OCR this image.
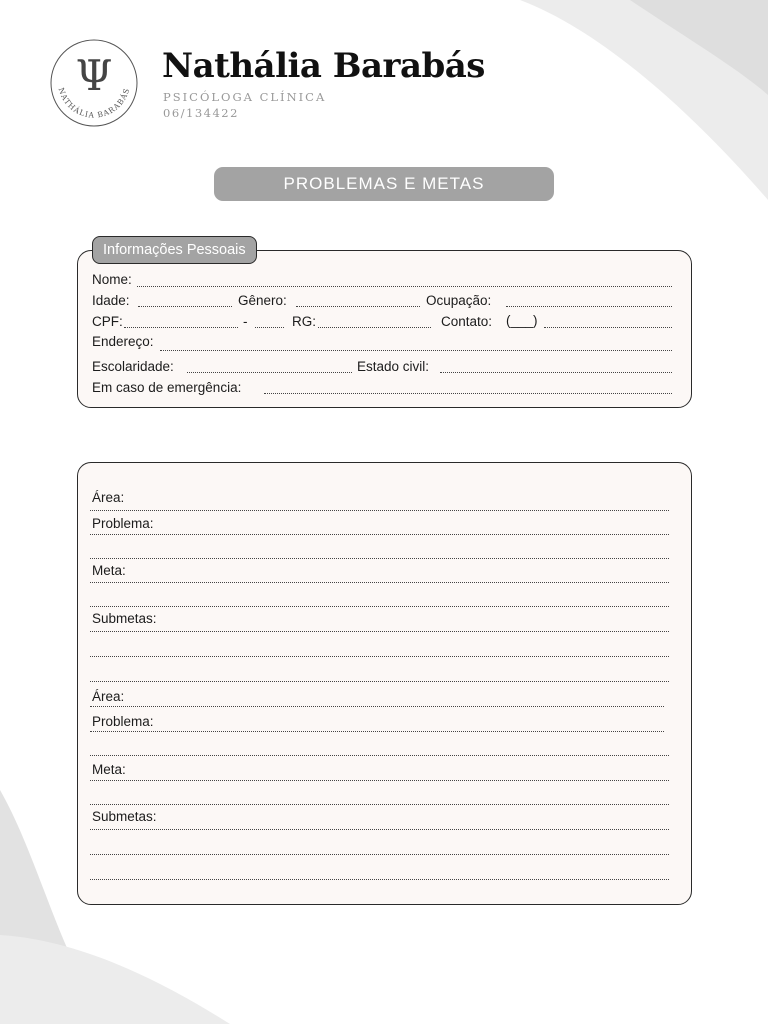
Ψ
NATHÁLIA BARABÁS
Nathália Barabás
PSICÓLOGA CLÍNICA
06/134422
PROBLEMAS E METAS
Informações Pessoais
Nome:
Idade:	Gênero:	Ocupação:
CPF:	-	RG:	Contato: (___)
Endereço:
Escolaridade:	Estado civil:
Em caso de emergência:
Área:
Problema:
Meta:
Submetas:
Área:
Problema:
Meta:
Submetas:
